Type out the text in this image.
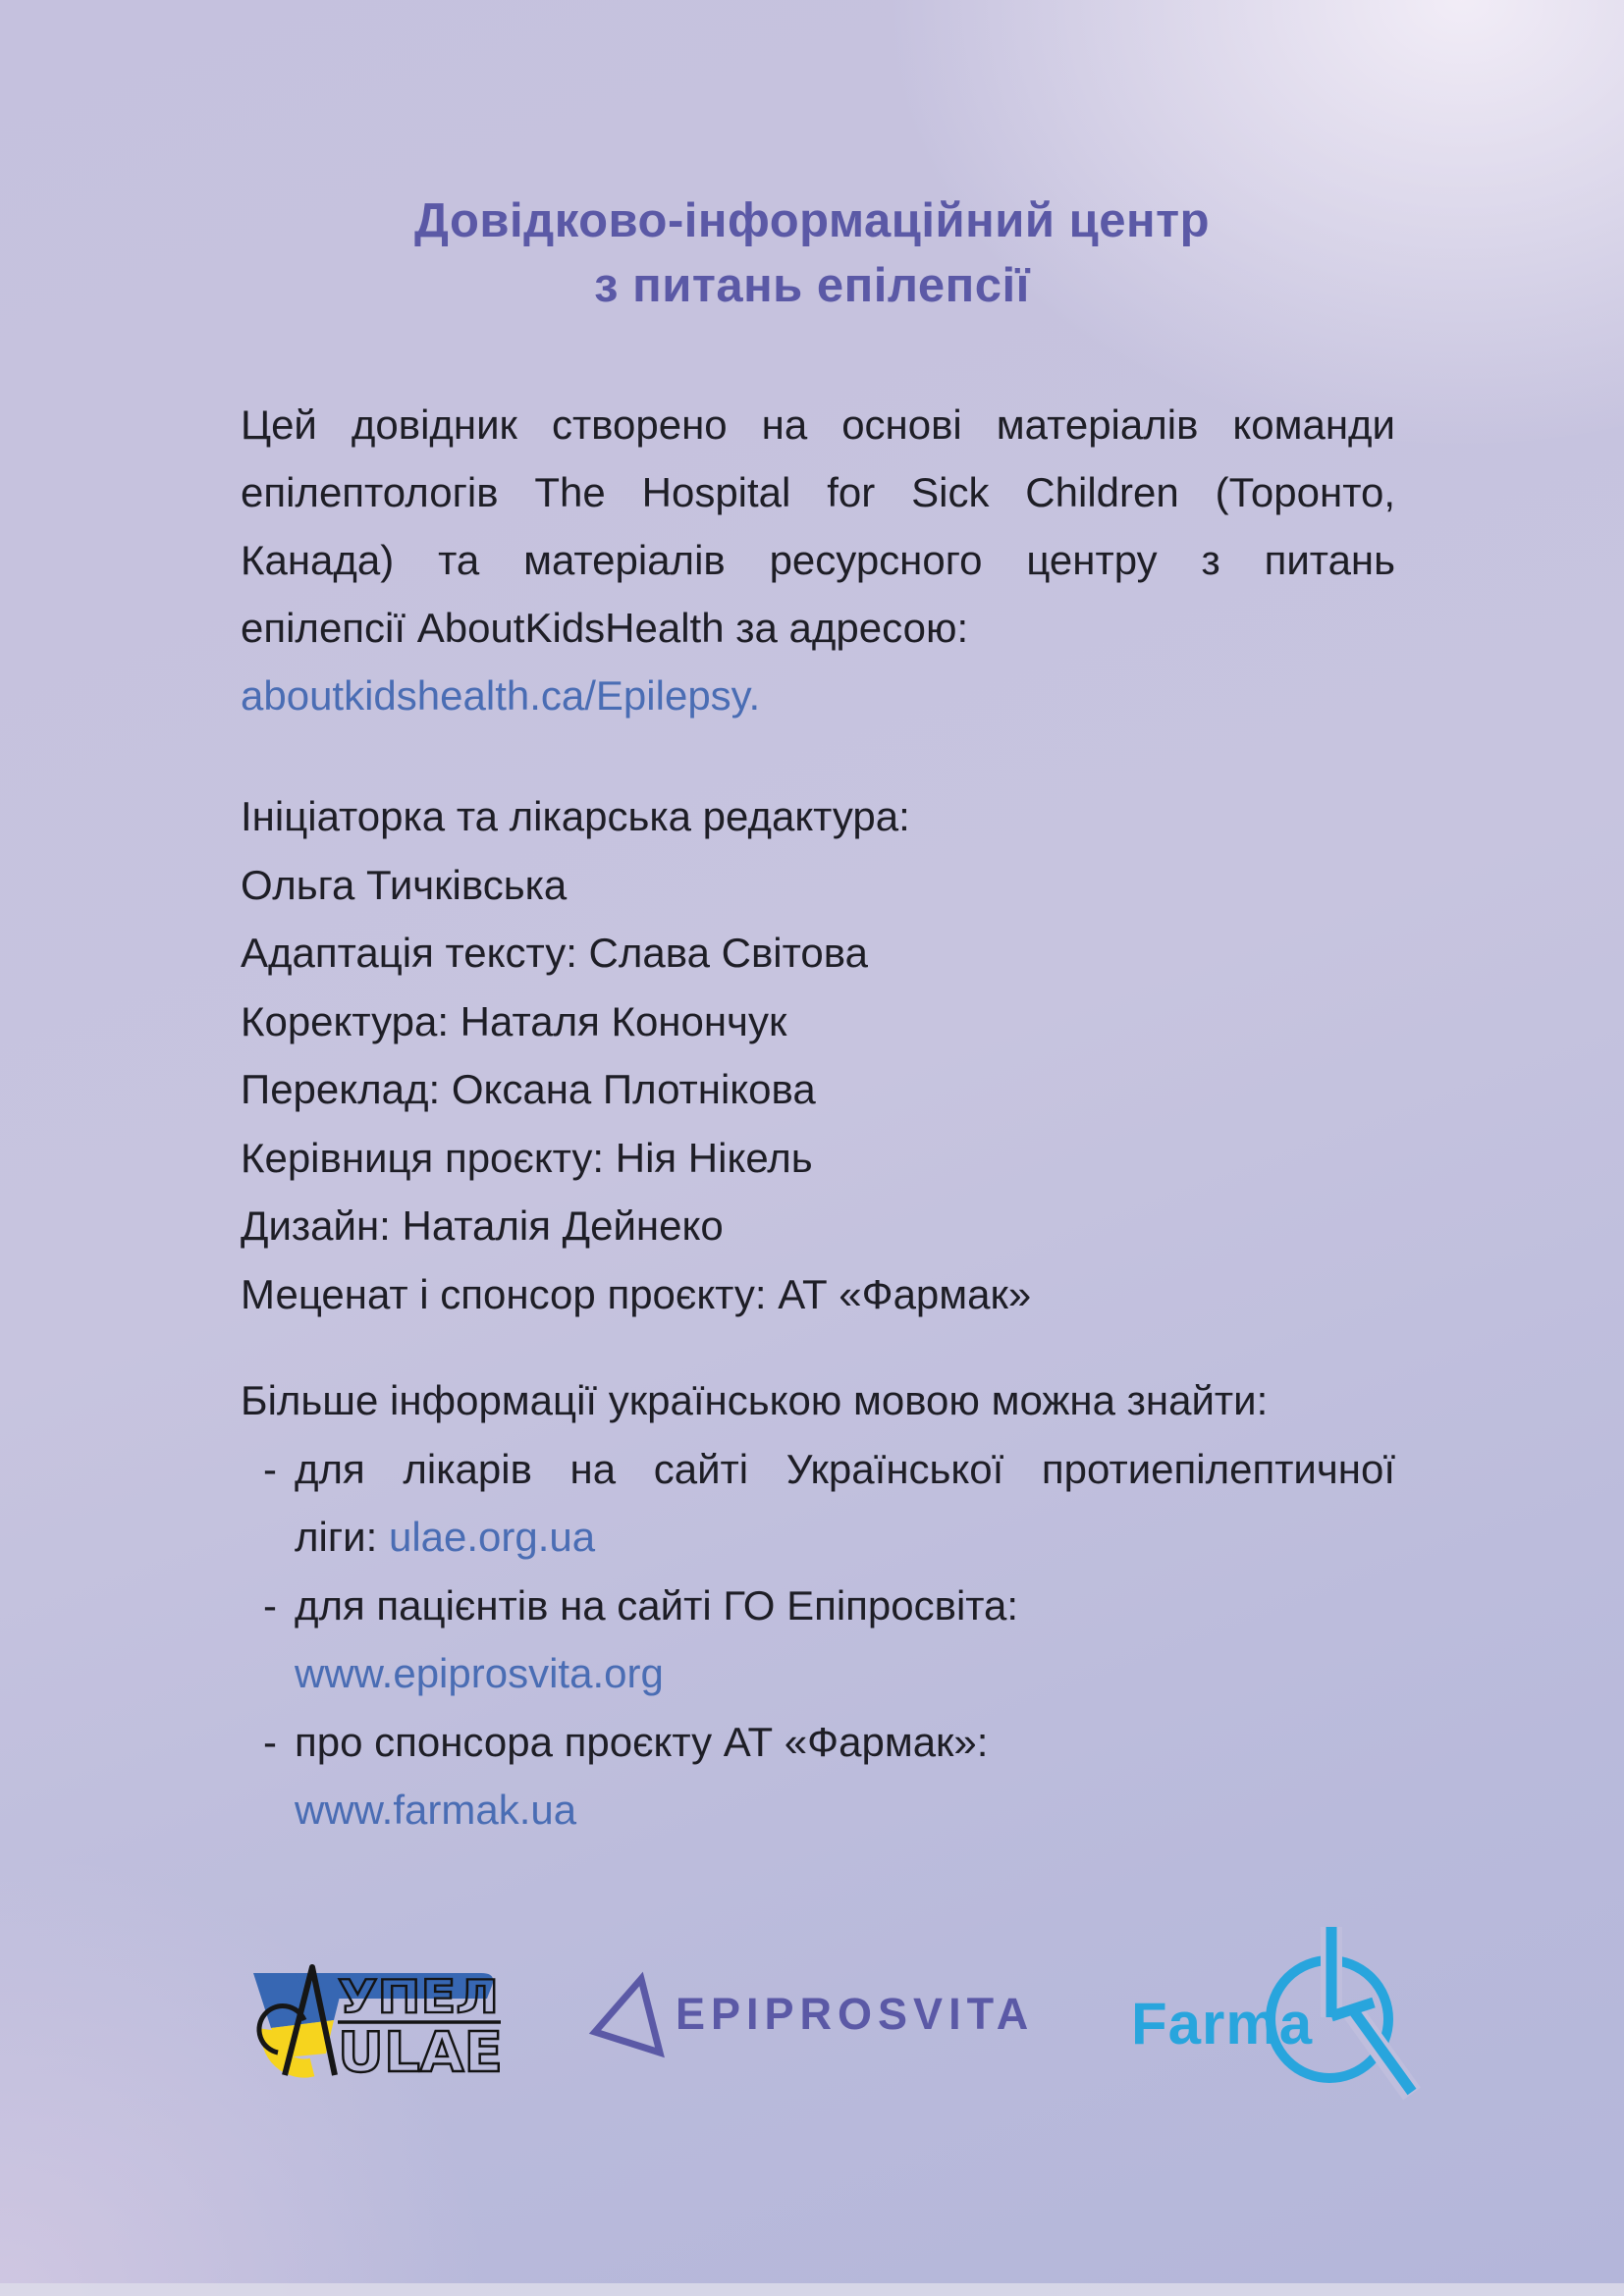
Довідково-інформаційний центр
з питань епілепсії
Цей довідник створено на основі матеріалів команди
епілептологів The Hospital for Sick Children (Торонто,
Канада) та матеріалів ресурсного центру з питань
епілепсії AboutKidsHealth за адресою:
aboutkidshealth.ca/Epilepsy.
Ініціаторка та лікарська редактура:
Ольга Тичківська
Адаптація тексту: Слава Світова
Коректура: Наталя Конончук
Переклад: Оксана Плотнікова
Керівниця проєкту: Нія Нікель
Дизайн: Наталія Дейнеко
Меценат і спонсор проєкту: АТ «Фармак»
Більше інформації українською мовою можна знайти:
- для лікарів на сайті Української протиепілептичної
ліги: ulae.org.ua
- для пацієнтів на сайті ГО Епіпросвіта:
www.epiprosvita.org
- про спонсора проєкту АТ «Фармак»:
www.farmak.ua
УПЕЛ
ULAE
EPIPROSVITA Farma
